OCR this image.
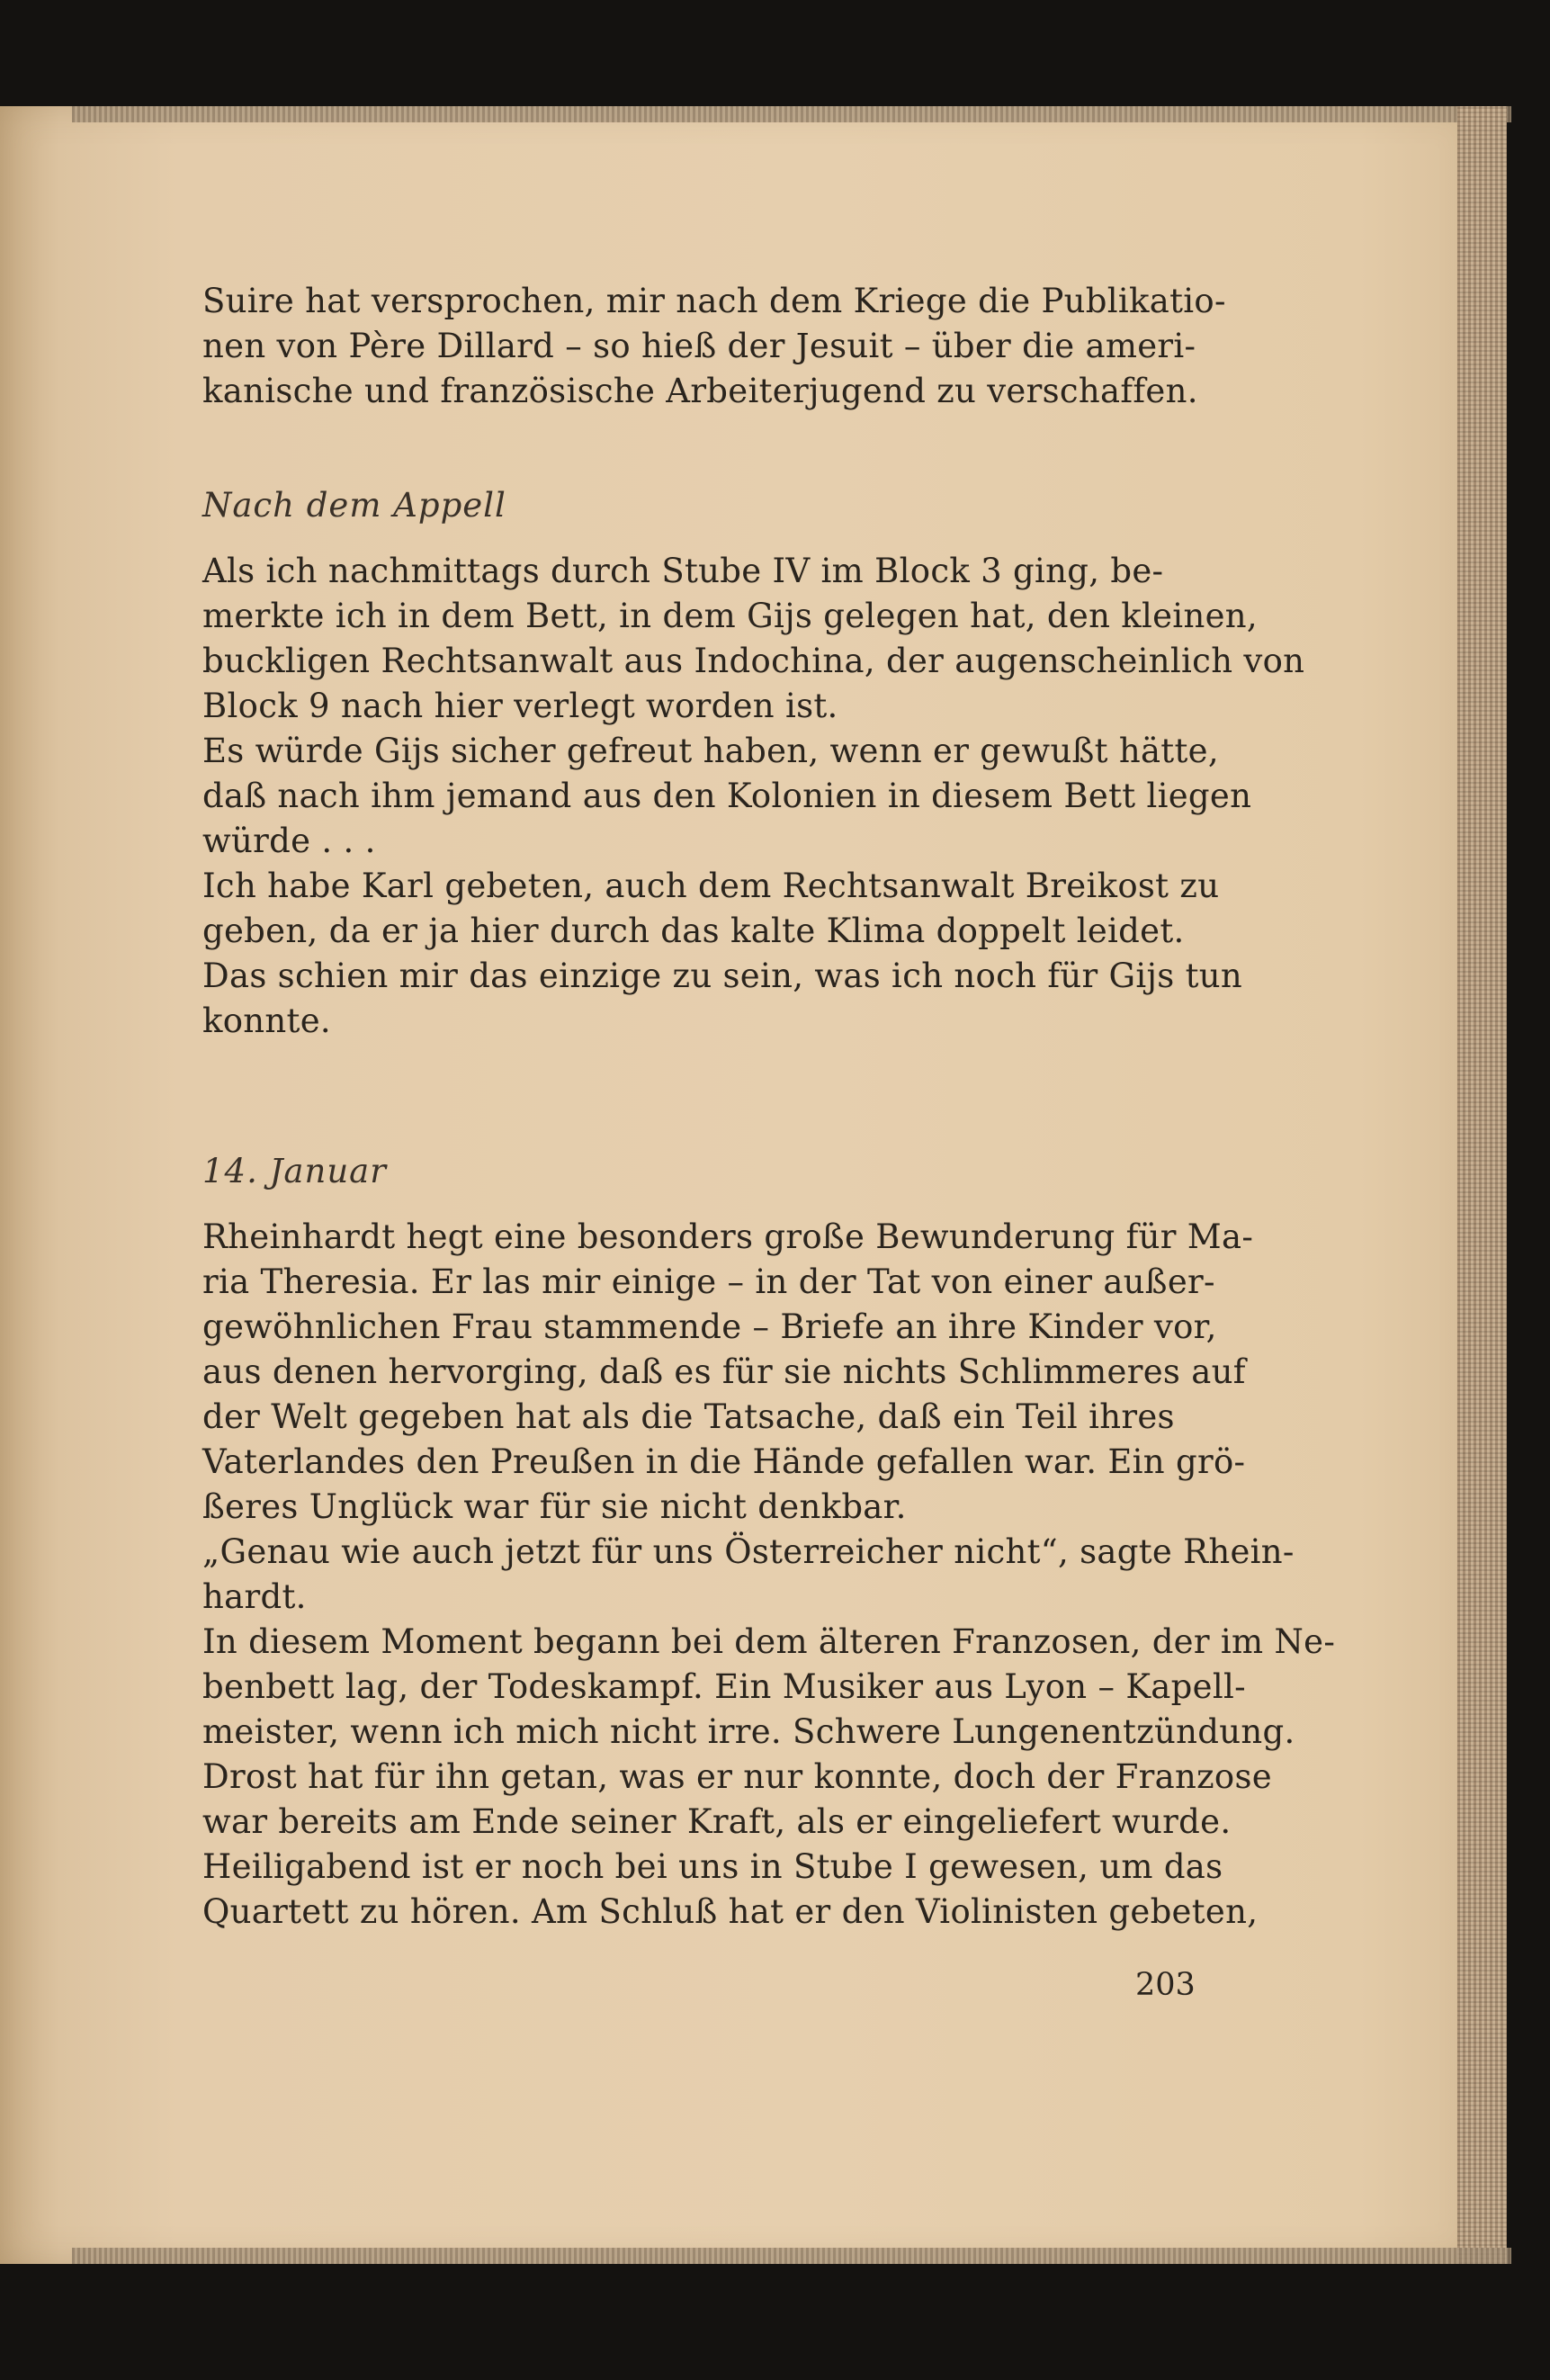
Suire hat versprochen, mir nach dem Kriege die Publikatio-

nen von Père Dillard – so hieß der Jesuit – über die ameri-

kanische und französische Arbeiterjugend zu verschaffen.

Nach dem Appell

Als ich nachmittags durch Stube IV im Block 3 ging, be-

merkte ich in dem Bett, in dem Gijs gelegen hat, den kleinen,

buckligen Rechtsanwalt aus Indochina, der augenscheinlich von

Block 9 nach hier verlegt worden ist.

Es würde Gijs sicher gefreut haben, wenn er gewußt hätte,

daß nach ihm jemand aus den Kolonien in diesem Bett liegen

würde . . .

Ich habe Karl gebeten, auch dem Rechtsanwalt Breikost zu

geben, da er ja hier durch das kalte Klima doppelt leidet.

Das schien mir das einzige zu sein, was ich noch für Gijs tun

konnte.

14. Januar

Rheinhardt hegt eine besonders große Bewunderung für Ma-

ria Theresia. Er las mir einige – in der Tat von einer außer-

gewöhnlichen Frau stammende – Briefe an ihre Kinder vor,

aus denen hervorging, daß es für sie nichts Schlimmeres auf

der Welt gegeben hat als die Tatsache, daß ein Teil ihres

Vaterlandes den Preußen in die Hände gefallen war. Ein grö-

ßeres Unglück war für sie nicht denkbar.

„Genau wie auch jetzt für uns Österreicher nicht“, sagte Rhein-

hardt.

In diesem Moment begann bei dem älteren Franzosen, der im Ne-

benbett lag, der Todeskampf. Ein Musiker aus Lyon – Kapell-

meister, wenn ich mich nicht irre. Schwere Lungenentzündung.

Drost hat für ihn getan, was er nur konnte, doch der Franzose

war bereits am Ende seiner Kraft, als er eingeliefert wurde.

Heiligabend ist er noch bei uns in Stube I gewesen, um das

Quartett zu hören. Am Schluß hat er den Violinisten gebeten,

203
